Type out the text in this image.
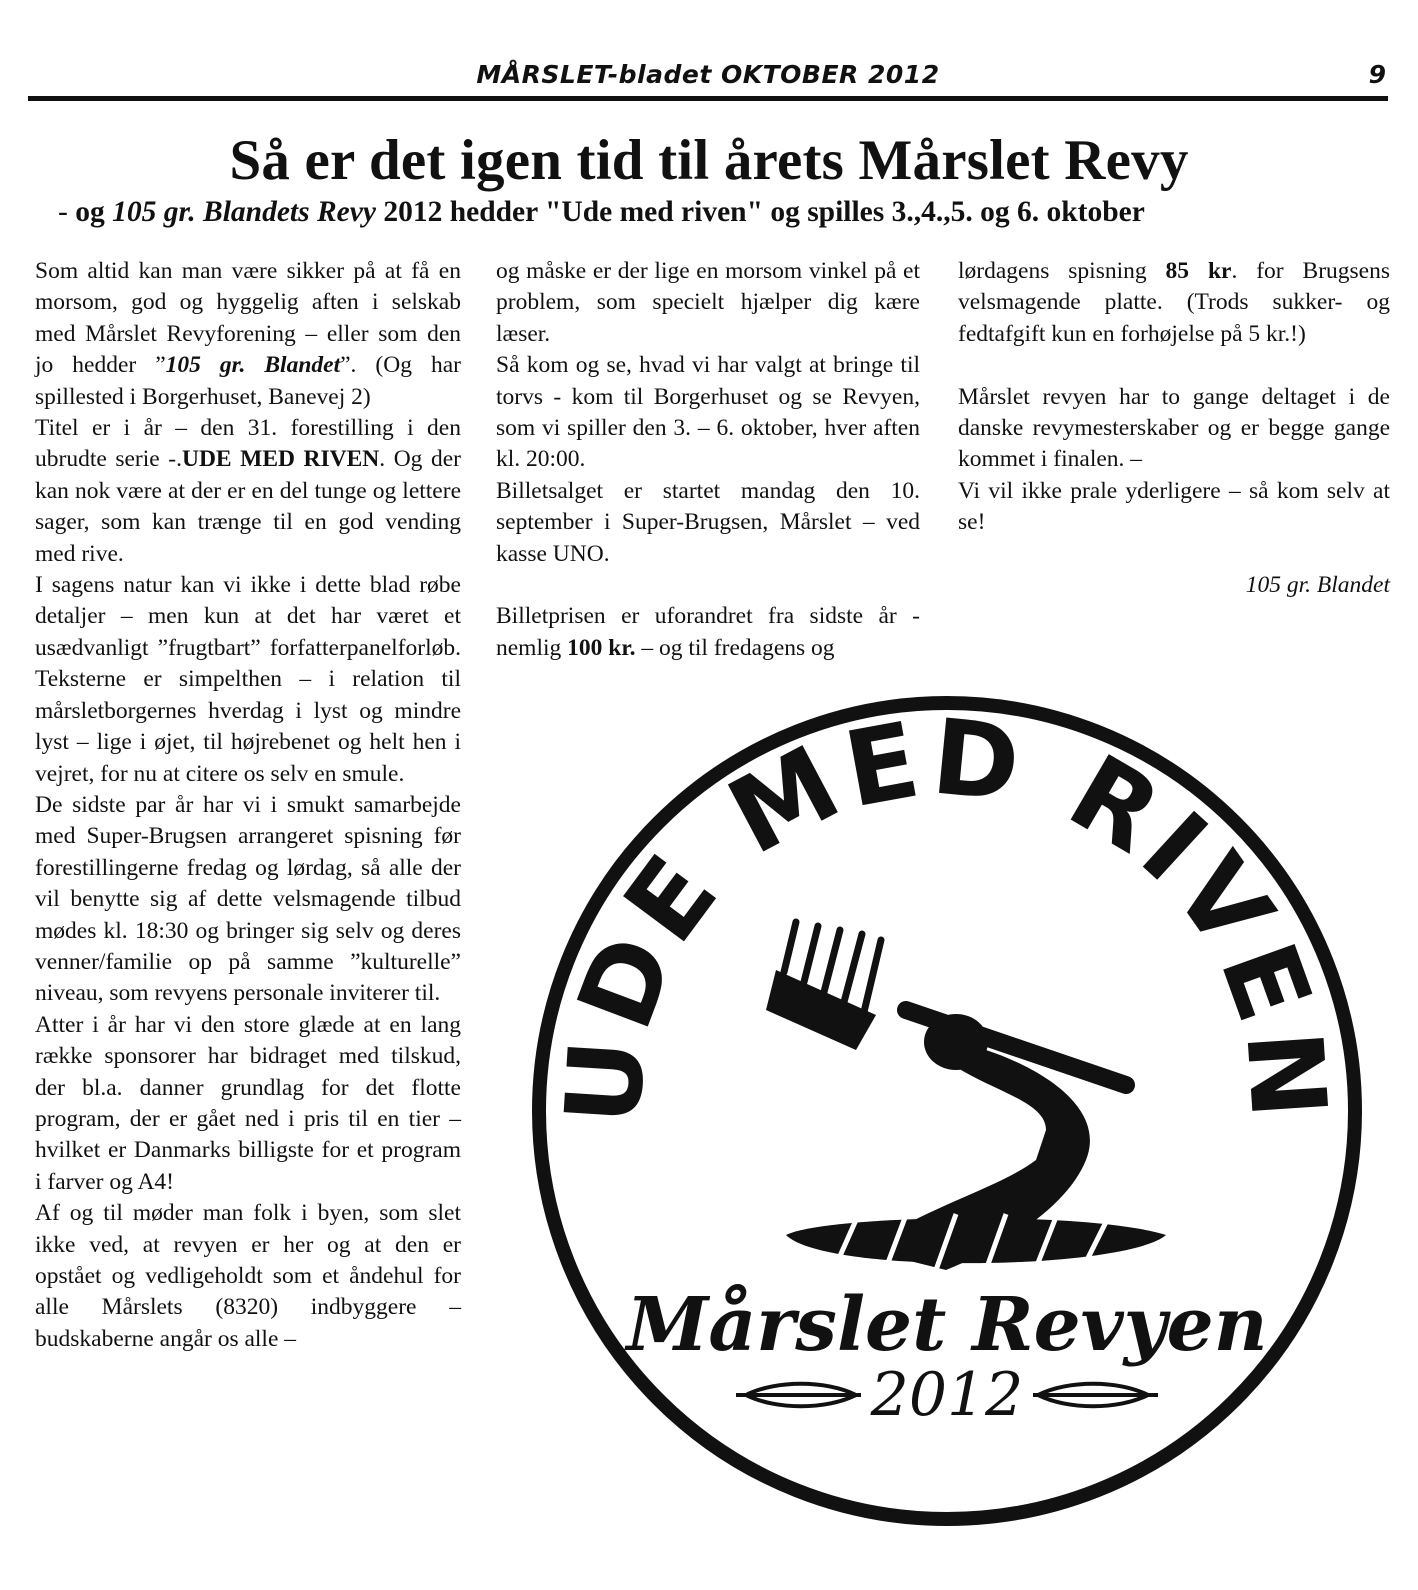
MÅRSLET-bladet OKTOBER 2012	9
Så er det igen tid til årets Mårslet Revy
- og 105 gr. Blandets Revy 2012 hedder "Ude med riven" og spilles 3.,4.,5. og 6. oktober

Som altid kan man være sikker på at få en morsom, god og hyggelig aften i selskab med Mårslet Revyforening – eller som den jo hedder ”105 gr. Blandet”. (Og har spillested i Borgerhuset, Banevej 2)

Titel er i år – den 31. forestilling i den ubrudte serie -.UDE MED RIVEN. Og der kan nok være at der er en del tunge og lettere sager, som kan trænge til en god vending med rive.

I sagens natur kan vi ikke i dette blad røbe detaljer – men kun at det har været et usædvanligt ”frugtbart” forfatterpanelforløb. Teksterne er simpelthen – i relation til mårsletborgernes hverdag i lyst og mindre lyst – lige i øjet, til højrebenet og helt hen i vejret, for nu at citere os selv en smule.

De sidste par år har vi i smukt samarbejde med Super-Brugsen arrangeret spisning før forestillingerne fredag og lørdag, så alle der vil benytte sig af dette velsmagende tilbud mødes kl. 18:30 og bringer sig selv og deres venner/familie op på samme ”kulturelle” niveau, som revyens personale inviterer til.

Atter i år har vi den store glæde at en lang række sponsorer har bidraget med tilskud, der bl.a. danner grundlag for det flotte program, der er gået ned i pris til en tier – hvilket er Danmarks billigste for et program i farver og A4!

Af og til møder man folk i byen, som slet ikke ved, at revyen er her og at den er opstået og vedligeholdt som et åndehul for alle Mårslets (8320) indbyggere – budskaberne angår os alle –

og måske er der lige en morsom vinkel på et problem, som specielt hjælper dig kære læser.

Så kom og se, hvad vi har valgt at bringe til torvs - kom til Borgerhuset og se Revyen, som vi spiller den 3. – 6. oktober, hver aften kl. 20:00.

Billetsalget er startet mandag den 10. september i Super-Brugsen, Mårslet – ved kasse UNO.

Billetprisen er uforandret fra sidste år - nemlig 100 kr. – og til fredagens og

lørdagens spisning 85 kr. for Brugsens velsmagende platte. (Trods sukker- og fedtafgift kun en forhøjelse på 5 kr.!)

Mårslet revyen har to gange deltaget i de danske revymesterskaber og er begge gange kommet i finalen. –

Vi vil ikke prale yderligere – så kom selv at se!

105 gr. Blandet

UDE MED RIVEN
Mårslet Revyen
2012
